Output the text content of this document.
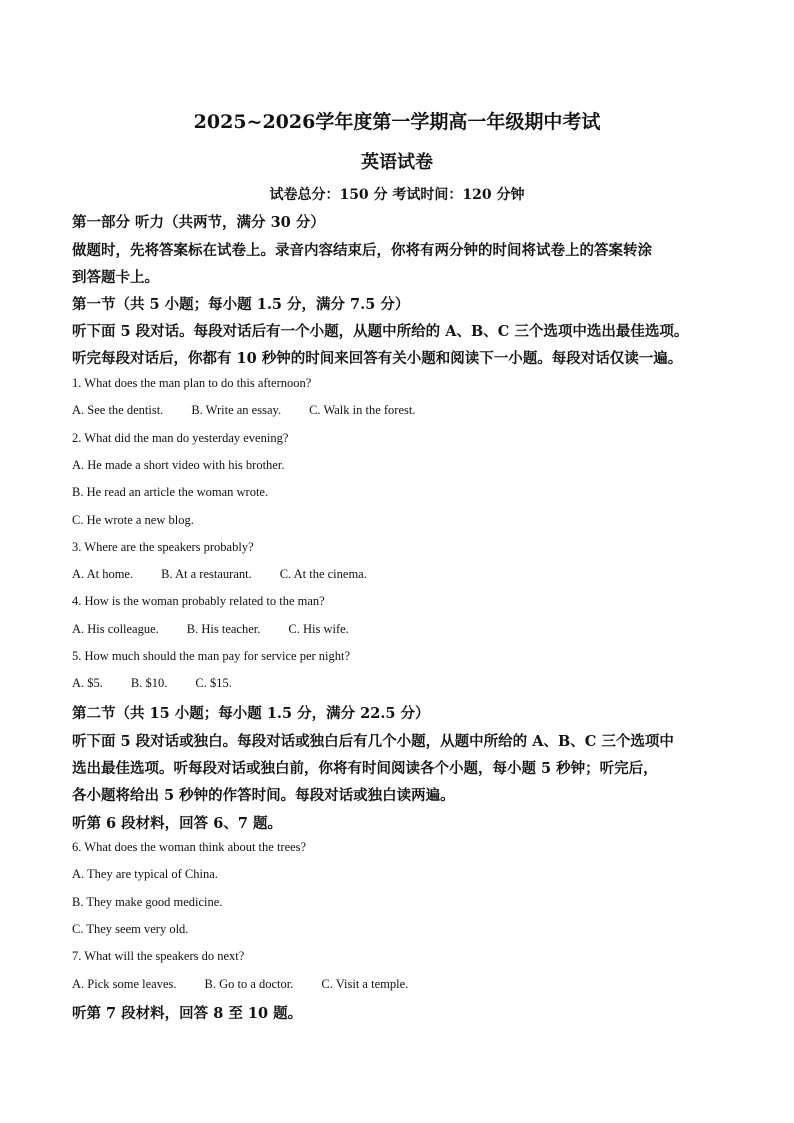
2025~2026学年度第一学期高一年级期中考试
英语试卷
试卷总分：150 分 考试时间：120 分钟
第一部分 听力（共两节，满分 30 分）
做题时，先将答案标在试卷上。录音内容结束后，你将有两分钟的时间将试卷上的答案转涂
到答题卡上。
第一节（共 5 小题；每小题 1.5 分，满分 7.5 分）
听下面 5 段对话。每段对话后有一个小题，从题中所给的 A、B、C 三个选项中选出最佳选项。
听完每段对话后，你都有 10 秒钟的时间来回答有关小题和阅读下一小题。每段对话仅读一遍。
1. What does the man plan to do this afternoon?
A. See the dentist. B. Write an essay. C. Walk in the forest.
2. What did the man do yesterday evening?
A. He made a short video with his brother.
B. He read an article the woman wrote.
C. He wrote a new blog.
3. Where are the speakers probably?
A. At home. B. At a restaurant. C. At the cinema.
4. How is the woman probably related to the man?
A. His colleague. B. His teacher. C. His wife.
5. How much should the man pay for service per night?
A. $5. B. $10. C. $15.
第二节（共 15 小题；每小题 1.5 分，满分 22.5 分）
听下面 5 段对话或独白。每段对话或独白后有几个小题，从题中所给的 A、B、C 三个选项中
选出最佳选项。听每段对话或独白前，你将有时间阅读各个小题，每小题 5 秒钟；听完后，
各小题将给出 5 秒钟的作答时间。每段对话或独白读两遍。
听第 6 段材料，回答 6、7 题。
6. What does the woman think about the trees?
A. They are typical of China.
B. They make good medicine.
C. They seem very old.
7. What will the speakers do next?
A. Pick some leaves. B. Go to a doctor. C. Visit a temple.
听第 7 段材料，回答 8 至 10 题。
